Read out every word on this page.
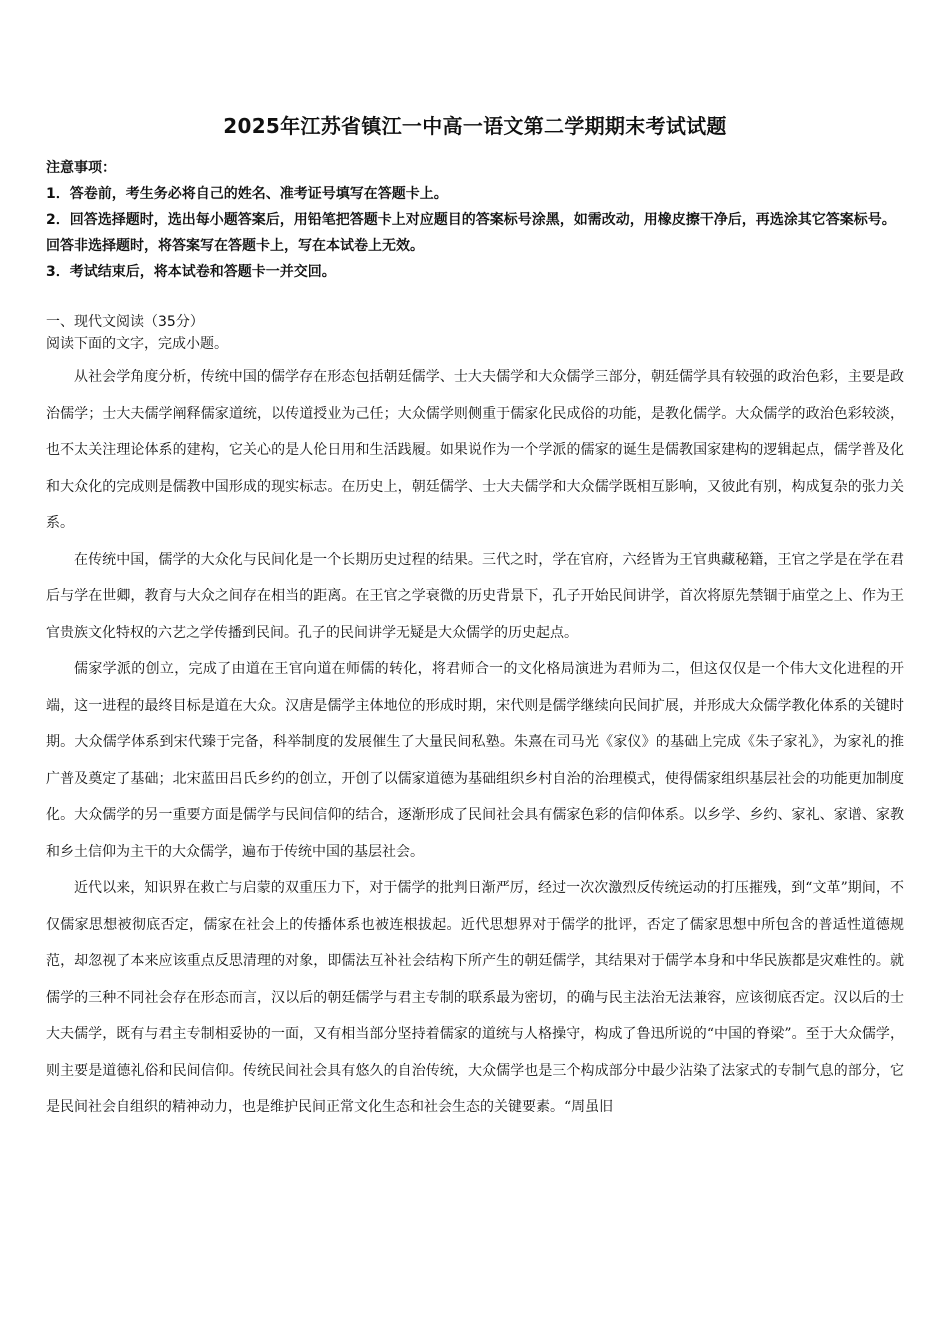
2025年江苏省镇江一中高一语文第二学期期末考试试题

注意事项：

1．答卷前，考生务必将自己的姓名、准考证号填写在答题卡上。

2．回答选择题时，选出每小题答案后，用铅笔把答题卡上对应题目的答案标号涂黑，如需改动，用橡皮擦干净后，再选涂其它答案标号。回答非选择题时，将答案写在答题卡上，写在本试卷上无效。

3．考试结束后，将本试卷和答题卡一并交回。

一、现代文阅读（35分）

阅读下面的文字，完成小题。

从社会学角度分析，传统中国的儒学存在形态包括朝廷儒学、士大夫儒学和大众儒学三部分，朝廷儒学具有较强的政治色彩，主要是政治儒学；士大夫儒学阐释儒家道统，以传道授业为己任；大众儒学则侧重于儒家化民成俗的功能，是教化儒学。大众儒学的政治色彩较淡，也不太关注理论体系的建构，它关心的是人伦日用和生活践履。如果说作为一个学派的儒家的诞生是儒教国家建构的逻辑起点，儒学普及化和大众化的完成则是儒教中国形成的现实标志。在历史上，朝廷儒学、士大夫儒学和大众儒学既相互影响，又彼此有别，构成复杂的张力关系。

在传统中国，儒学的大众化与民间化是一个长期历史过程的结果。三代之时，学在官府，六经皆为王官典藏秘籍，王官之学是在学在君后与学在世卿，教育与大众之间存在相当的距离。在王官之学衰微的历史背景下，孔子开始民间讲学，首次将原先禁锢于庙堂之上、作为王官贵族文化特权的六艺之学传播到民间。孔子的民间讲学无疑是大众儒学的历史起点。

儒家学派的创立，完成了由道在王官向道在师儒的转化，将君师合一的文化格局演进为君师为二，但这仅仅是一个伟大文化进程的开端，这一进程的最终目标是道在大众。汉唐是儒学主体地位的形成时期，宋代则是儒学继续向民间扩展，并形成大众儒学教化体系的关键时期。大众儒学体系到宋代臻于完备，科举制度的发展催生了大量民间私塾。朱熹在司马光《家仪》的基础上完成《朱子家礼》，为家礼的推广普及奠定了基础；北宋蓝田吕氏乡约的创立，开创了以儒家道德为基础组织乡村自治的治理模式，使得儒家组织基层社会的功能更加制度化。大众儒学的另一重要方面是儒学与民间信仰的结合，逐渐形成了民间社会具有儒家色彩的信仰体系。以乡学、乡约、家礼、家谱、家教和乡土信仰为主干的大众儒学，遍布于传统中国的基层社会。

近代以来，知识界在救亡与启蒙的双重压力下，对于儒学的批判日渐严厉，经过一次次激烈反传统运动的打压摧残，到“文革”期间，不仅儒家思想被彻底否定，儒家在社会上的传播体系也被连根拔起。近代思想界对于儒学的批评，否定了儒家思想中所包含的普适性道德规范，却忽视了本来应该重点反思清理的对象，即儒法互补社会结构下所产生的朝廷儒学，其结果对于儒学本身和中华民族都是灾难性的。就儒学的三种不同社会存在形态而言，汉以后的朝廷儒学与君主专制的联系最为密切，的确与民主法治无法兼容，应该彻底否定。汉以后的士大夫儒学，既有与君主专制相妥协的一面，又有相当部分坚持着儒家的道统与人格操守，构成了鲁迅所说的“中国的脊梁”。至于大众儒学，则主要是道德礼俗和民间信仰。传统民间社会具有悠久的自治传统，大众儒学也是三个构成部分中最少沾染了法家式的专制气息的部分，它是民间社会自组织的精神动力，也是维护民间正常文化生态和社会生态的关键要素。“周虽旧
